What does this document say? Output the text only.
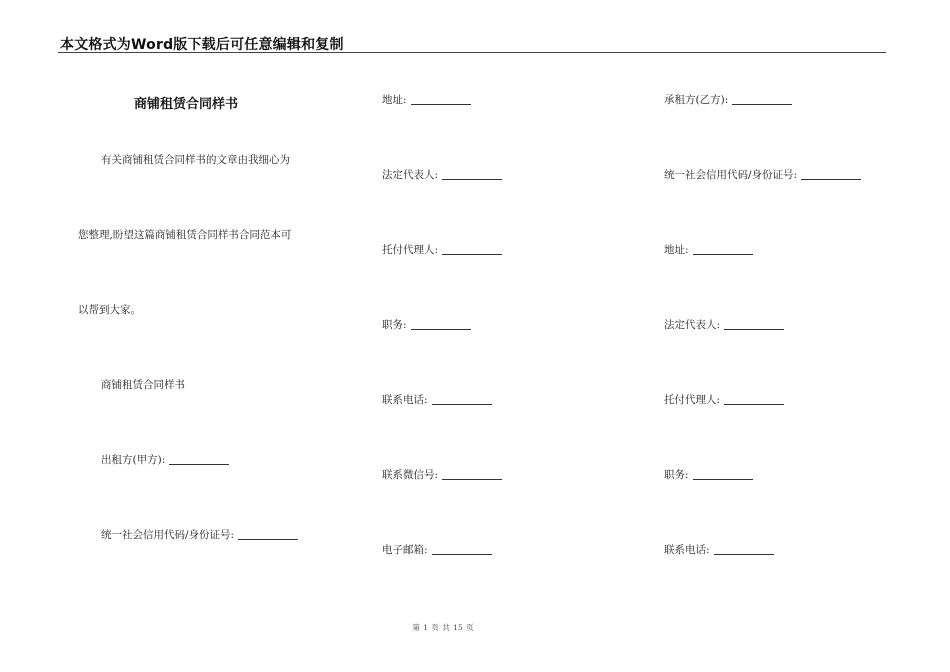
本文格式为Word版下载后可任意编辑和复制
商铺租赁合同样书
有关商铺租赁合同样书的文章由我细心为
您整理,盼望这篇商铺租赁合同样书合同范本可
以帮到大家。
商铺租赁合同样书
出租方(甲方):
统一社会信用代码/身份证号:
地址:
法定代表人:
托付代理人:
职务:
联系电话:
联系微信号:
电子邮箱:
承租方(乙方):
统一社会信用代码/身份证号:
地址:
法定代表人:
托付代理人:
职务:
联系电话:
第 1 页 共 15 页
